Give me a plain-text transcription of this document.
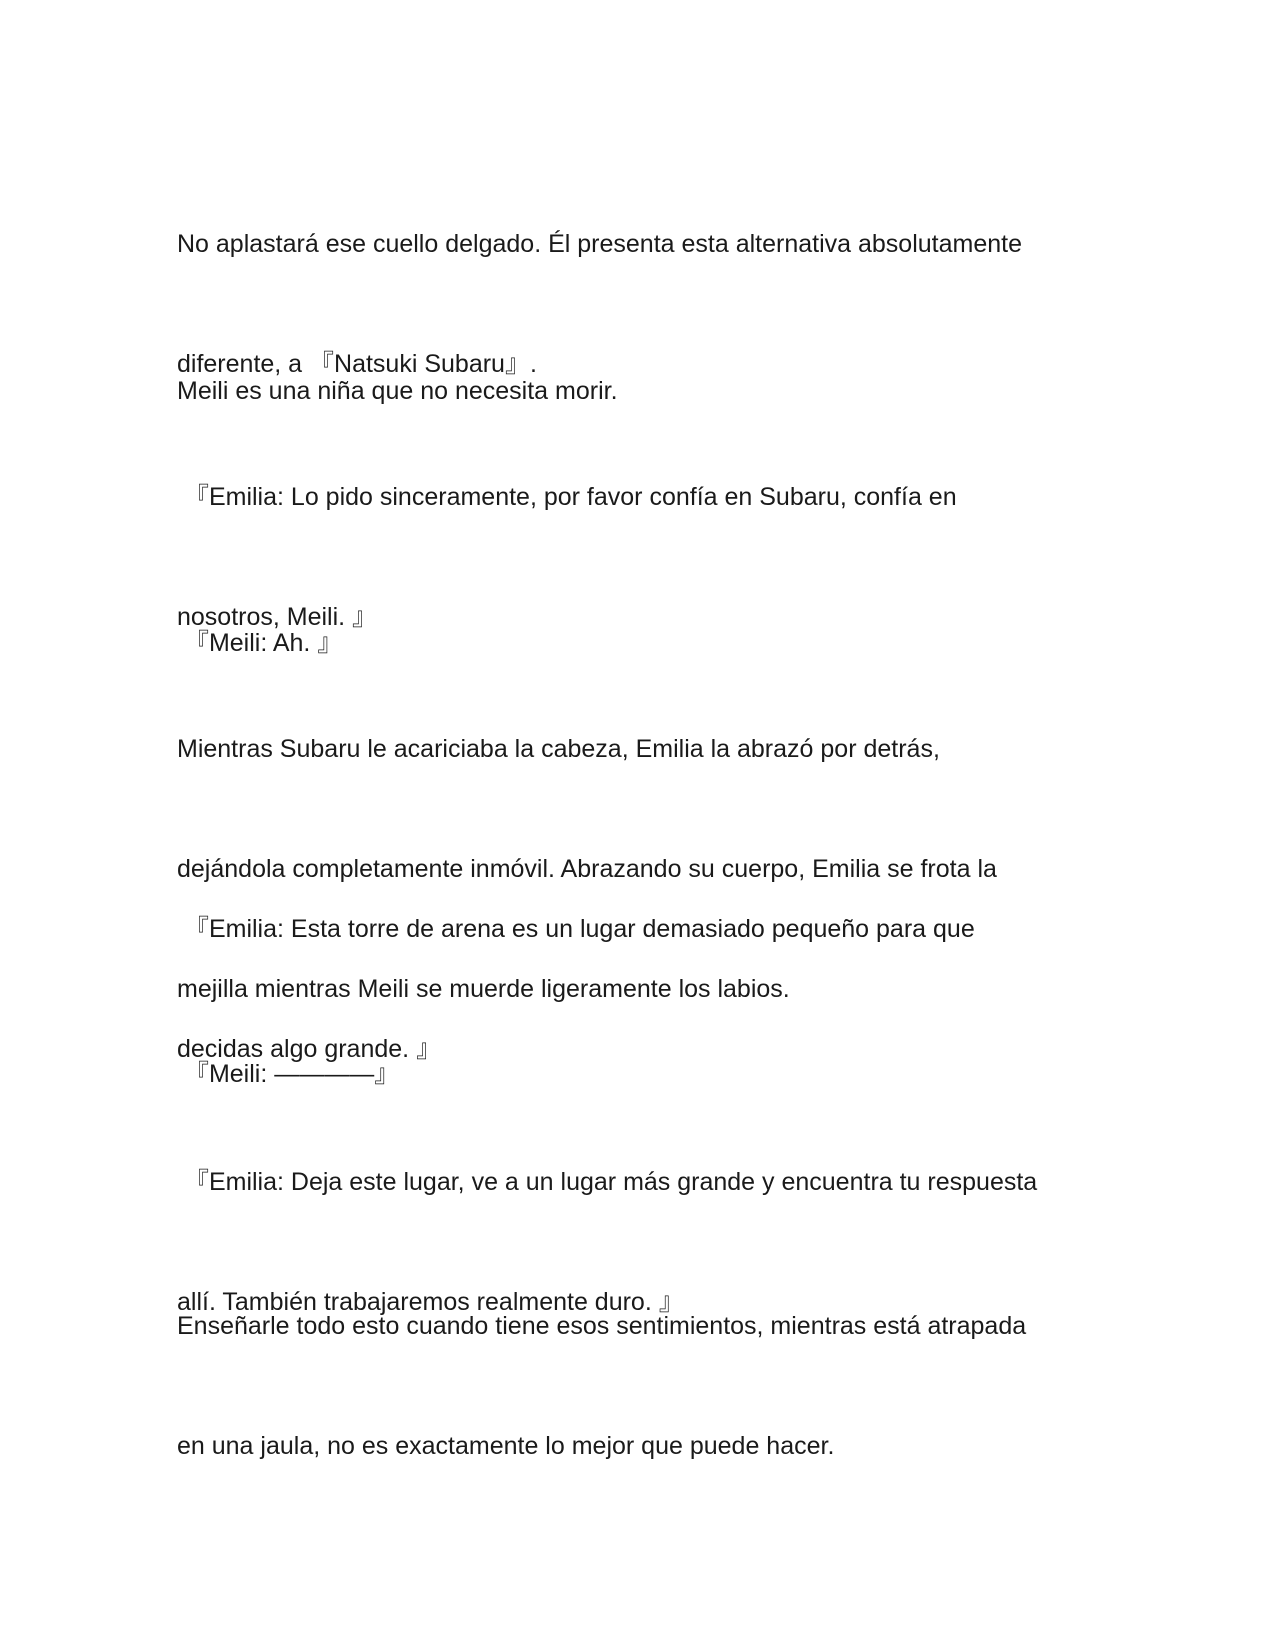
No aplastará ese cuello delgado. Él presenta esta alternativa absolutamente

diferente, a 『Natsuki Subaru』.

Meili es una niña que no necesita morir.

『Emilia: Lo pido sinceramente, por favor confía en Subaru, confía en

nosotros, Meili. 』

『Meili: Ah. 』

Mientras Subaru le acariciaba la cabeza, Emilia la abrazó por detrás,

dejándola completamente inmóvil. Abrazando su cuerpo, Emilia se frota la

mejilla mientras Meili se muerde ligeramente los labios.

『Emilia: Esta torre de arena es un lugar demasiado pequeño para que

decidas algo grande. 』

『Meili: ————』

『Emilia: Deja este lugar, ve a un lugar más grande y encuentra tu respuesta

allí. También trabajaremos realmente duro. 』

Enseñarle todo esto cuando tiene esos sentimientos, mientras está atrapada

en una jaula, no es exactamente lo mejor que puede hacer.
